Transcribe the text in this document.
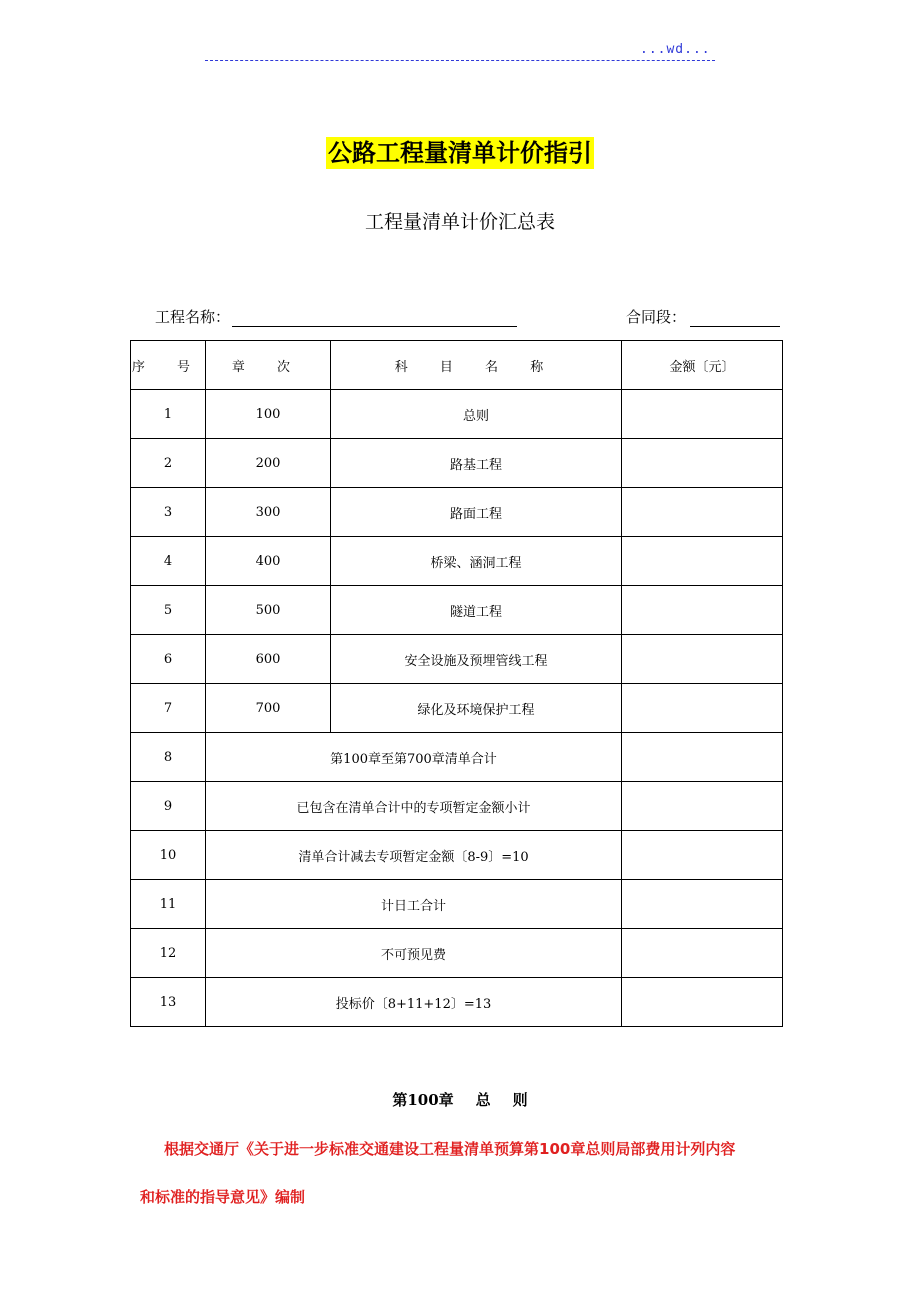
...wd...
公路工程量清单计价指引
工程量清单计价汇总表
工程名称：	合同段：
序 号	章 次	科 目 名 称	金额〔元〕
1	100	总则	
2	200	路基工程	
3	300	路面工程	
4	400	桥梁、涵洞工程	
5	500	隧道工程	
6	600	安全设施及预埋管线工程	
7	700	绿化及环境保护工程	
8	第100章至第700章清单合计		
9	已包含在清单合计中的专项暂定金额小计		
10	清单合计减去专项暂定金额〔8-9〕=10		
11	计日工合计		
12	不可预见费		
13	投标价〔8+11+12〕=13		
第100章 总 则
根据交通厅《关于进一步标准交通建设工程量清单预算第100章总则局部费用计列内容
和标准的指导意见》编制
